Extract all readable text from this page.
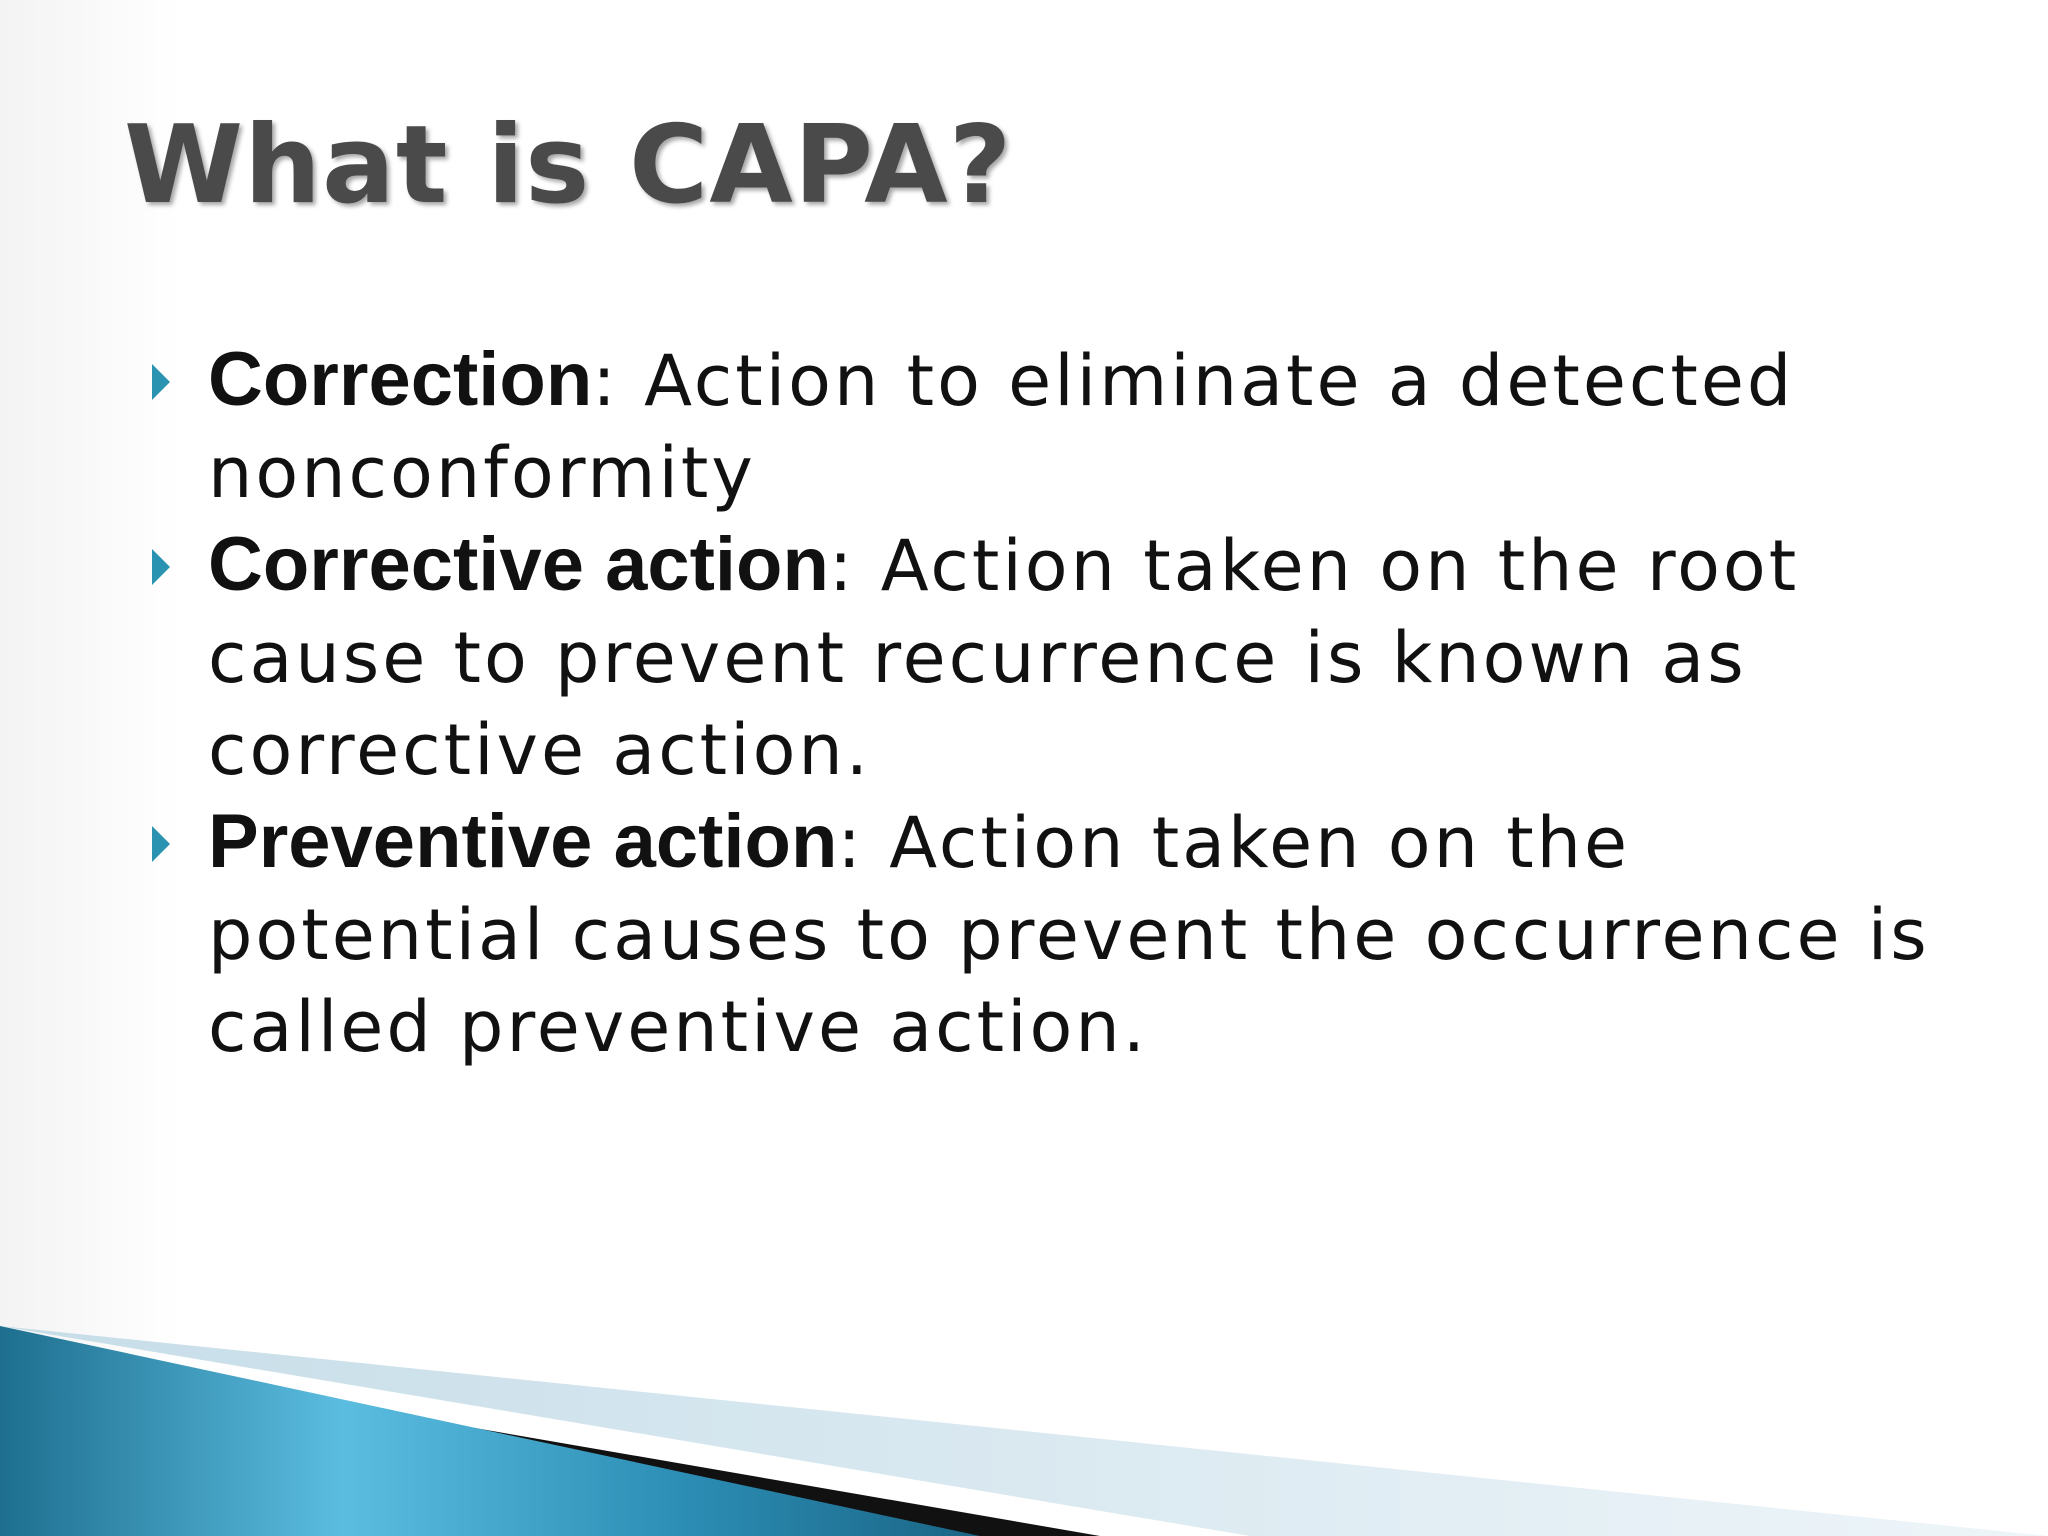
What is CAPA?
Correction: Action to eliminate a detected nonconformity
Corrective action: Action taken on the root cause to prevent recurrence is known as corrective action.
Preventive action: Action taken on the potential causes to prevent the occurrence is called preventive action.
